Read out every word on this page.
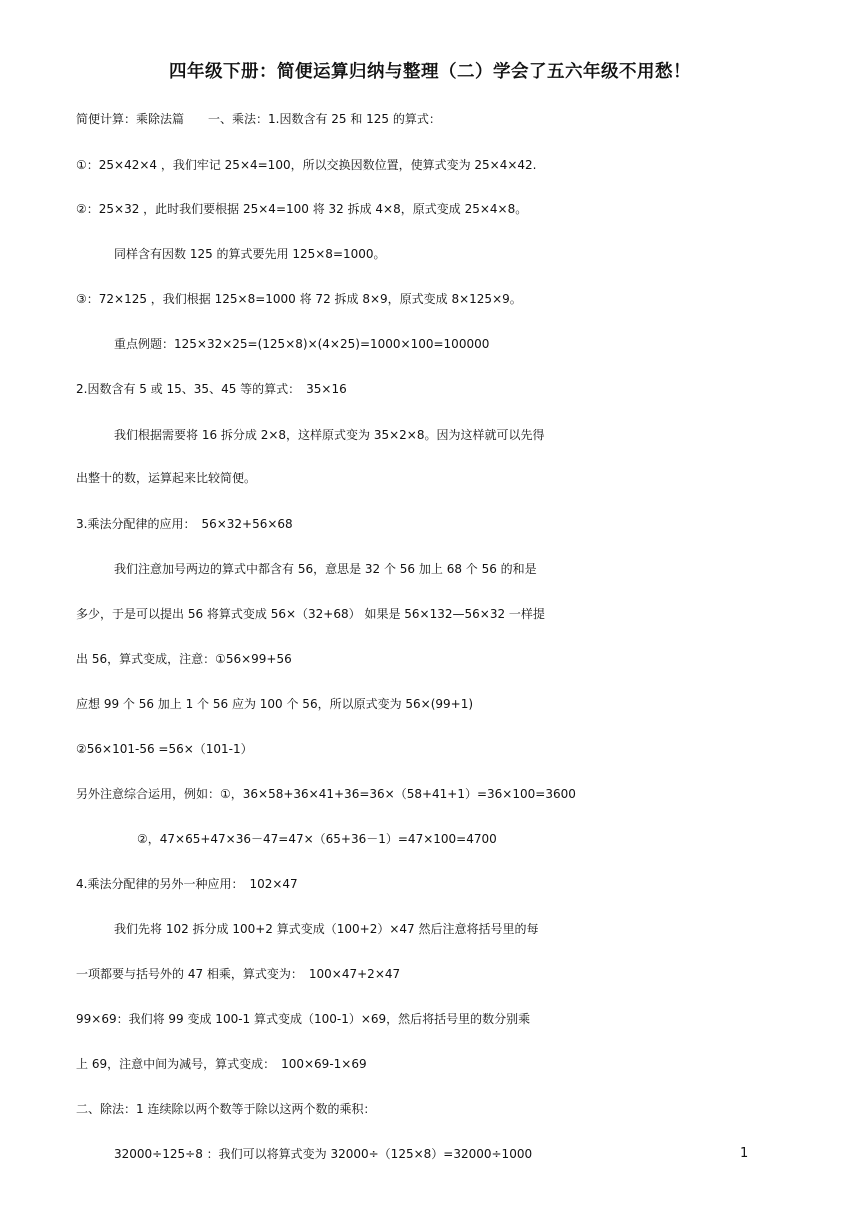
四年级下册：简便运算归纳与整理（二）学会了五六年级不用愁！
简便计算：乘除法篇　　一、乘法：1.因数含有 25 和 125 的算式：
①：25×42×4 ，我们牢记 25×4=100，所以交换因数位置，使算式变为 25×4×42.
②：25×32 ，此时我们要根据 25×4=100 将 32 拆成 4×8，原式变成 25×4×8。
同样含有因数 125 的算式要先用 125×8=1000。
③：72×125 ，我们根据 125×8=1000 将 72 拆成 8×9，原式变成 8×125×9。
重点例题：125×32×25=(125×8)×(4×25)=1000×100=100000
2.因数含有 5 或 15、35、45 等的算式：　35×16
我们根据需要将 16 拆分成 2×8，这样原式变为 35×2×8。因为这样就可以先得
出整十的数，运算起来比较简便。
3.乘法分配律的应用：　56×32+56×68
我们注意加号两边的算式中都含有 56，意思是 32 个 56 加上 68 个 56 的和是
多少，于是可以提出 56 将算式变成 56×（32+68） 如果是 56×132—56×32 一样提
出 56，算式变成，注意：①56×99+56
应想 99 个 56 加上 1 个 56 应为 100 个 56，所以原式变为 56×(99+1)
②56×101-56 =56×（101-1）
另外注意综合运用，例如：①，36×58+36×41+36=36×（58+41+1）=36×100=3600
②，47×65+47×36－47=47×（65+36－1）=47×100=4700
4.乘法分配律的另外一种应用：　102×47
我们先将 102 拆分成 100+2 算式变成（100+2）×47 然后注意将括号里的每
一项都要与括号外的 47 相乘，算式变为：　100×47+2×47
99×69：我们将 99 变成 100-1 算式变成（100-1）×69，然后将括号里的数分别乘
上 69，注意中间为减号，算式变成：　100×69-1×69
二、除法：1 连续除以两个数等于除以这两个数的乘积：
32000÷125÷8 ：我们可以将算式变为 32000÷（125×8）=32000÷1000	1
